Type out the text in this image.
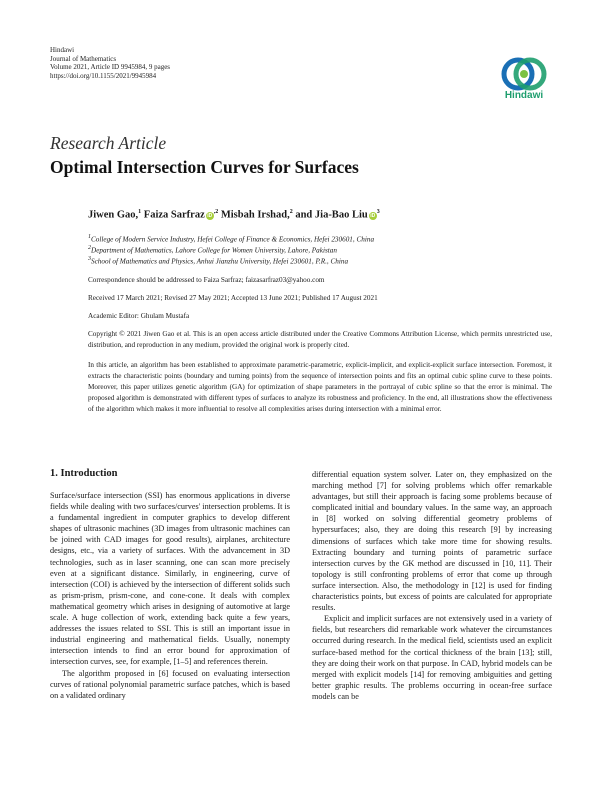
Hindawi
Journal of Mathematics
Volume 2021, Article ID 9945984, 9 pages
https://doi.org/10.1155/2021/9945984
Hindawi
Research Article
Optimal Intersection Curves for Surfaces
Jiwen Gao,$^1$ Faiza Sarfraz $iD^{,2}$ Misbah Irshad,$^2$ and Jia-Bao Liu $iD^3$
$^1$College of Modern Service Industry, Hefei College of Finance & Economics, Hefei 230601, China
$^2$Department of Mathematics, Lahore College for Women University, Lahore, Pakistan
$^3$School of Mathematics and Physics, Anhui Jianzhu University, Hefei 230601, P.R., China
Correspondence should be addressed to Faiza Sarfraz; faizasarfraz03@yahoo.com
Received 17 March 2021; Revised 27 May 2021; Accepted 13 June 2021; Published 17 August 2021
Academic Editor: Ghulam Mustafa
Copyright © 2021 Jiwen Gao et al. This is an open access article distributed under the Creative Commons Attribution License, which permits unrestricted use, distribution, and reproduction in any medium, provided the original work is properly cited.
In this article, an algorithm has been established to approximate parametric-parametric, explicit-implicit, and explicit-explicit surface intersection. Foremost, it extracts the characteristic points (boundary and turning points) from the sequence of intersection points and fits an optimal cubic spline curve to these points. Moreover, this paper utilizes genetic algorithm (GA) for optimization of shape parameters in the portrayal of cubic spline so that the error is minimal. The proposed algorithm is demonstrated with different types of surfaces to analyze its robustness and proficiency. In the end, all illustrations show the effectiveness of the algorithm which makes it more influential to resolve all complexities arises during intersection with a minimal error.
1. Introduction

Surface/surface intersection (SSI) has enormous applications in diverse fields while dealing with two surfaces/curves' intersection problems. It is a fundamental ingredient in computer graphics to develop different shapes of ultrasonic machines (3D images from ultrasonic machines can be joined with CAD images for good results), airplanes, architecture designs, etc., via a variety of surfaces. With the advancement in 3D technologies, such as in laser scanning, one can scan more precisely even at a significant distance. Similarly, in engineering, curve of intersection (COI) is achieved by the intersection of different solids such as prism-prism, prism-cone, and cone-cone. It deals with complex mathematical geometry which arises in designing of automotive at large scale. A huge collection of work, extending back quite a few years, addresses the issues related to SSI. This is still an important issue in industrial engineering and mathematical fields. Usually, nonempty intersection intends to find an error bound for approximation of intersection curves, see, for example, [1–5] and references therein.

The algorithm proposed in [6] focused on evaluating intersection curves of rational polynomial parametric surface patches, which is based on a validated ordinary

differential equation system solver. Later on, they emphasized on the marching method [7] for solving problems which offer remarkable advantages, but still their approach is facing some problems because of complicated initial and boundary values. In the same way, an approach in [8] worked on solving differential geometry problems of hypersurfaces; also, they are doing this research [9] by increasing dimensions of surfaces which take more time for showing results. Extracting boundary and turning points of parametric surface intersection curves by the GK method are discussed in [10, 11]. Their topology is still confronting problems of error that come up through surface intersection. Also, the methodology in [12] is used for finding characteristics points, but excess of points are calculated for appropriate results.

Explicit and implicit surfaces are not extensively used in a variety of fields, but researchers did remarkable work whatever the circumstances occurred during research. In the medical field, scientists used an explicit surface-based method for the cortical thickness of the brain [13]; still, they are doing their work on that purpose. In CAD, hybrid models can be merged with explicit models [14] for removing ambiguities and getting better graphic results. The problems occurring in ocean-free surface models can be
